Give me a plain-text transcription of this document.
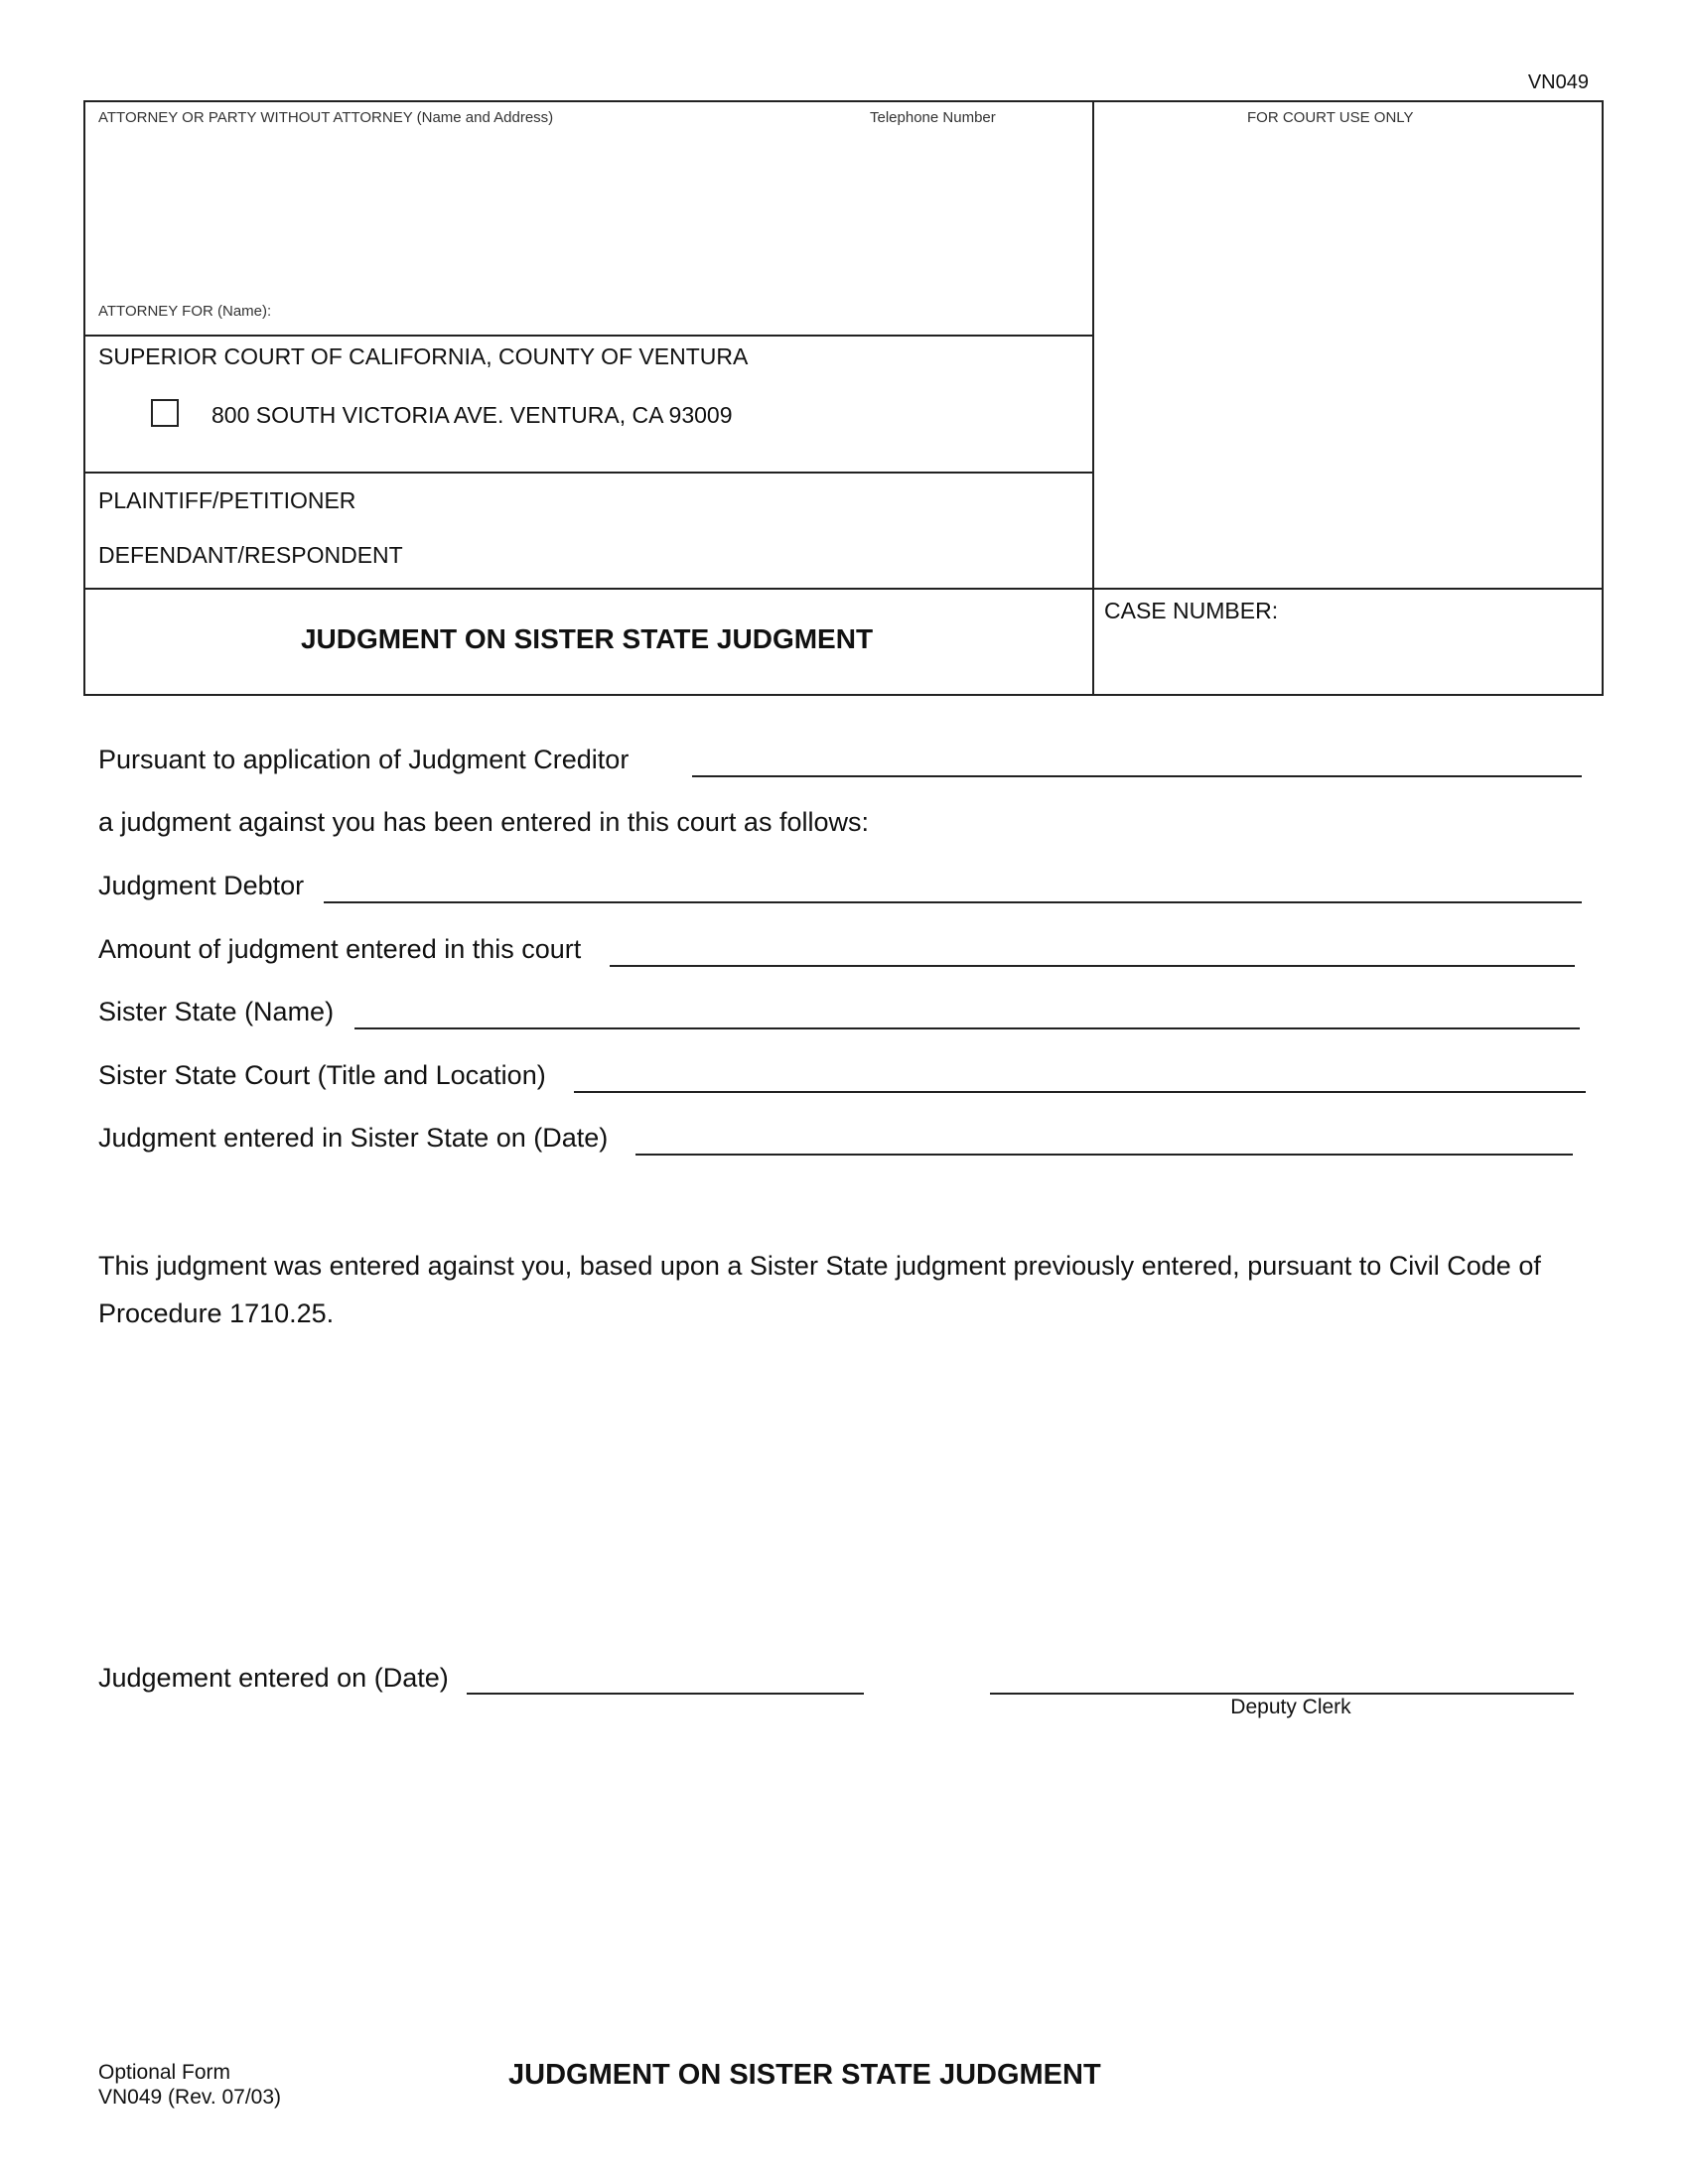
VN049
ATTORNEY OR PARTY WITHOUT ATTORNEY (Name and Address)	Telephone Number	FOR COURT USE ONLY
ATTORNEY FOR (Name):
SUPERIOR COURT OF CALIFORNIA, COUNTY OF VENTURA
800 SOUTH VICTORIA AVE. VENTURA, CA 93009
PLAINTIFF/PETITIONER
DEFENDANT/RESPONDENT
JUDGMENT ON SISTER STATE JUDGMENT
CASE NUMBER:
Pursuant to application of Judgment Creditor
a judgment against you has been entered in this court as follows:
Judgment Debtor
Amount of judgment entered in this court
Sister State (Name)
Sister State Court (Title and Location)
Judgment entered in Sister State on (Date)
This judgment was entered against you, based upon a Sister State judgment previously entered, pursuant to Civil Code of
Procedure 1710.25.
Judgement entered on (Date)
Deputy Clerk
Optional Form
VN049 (Rev. 07/03)
JUDGMENT ON SISTER STATE JUDGMENT
